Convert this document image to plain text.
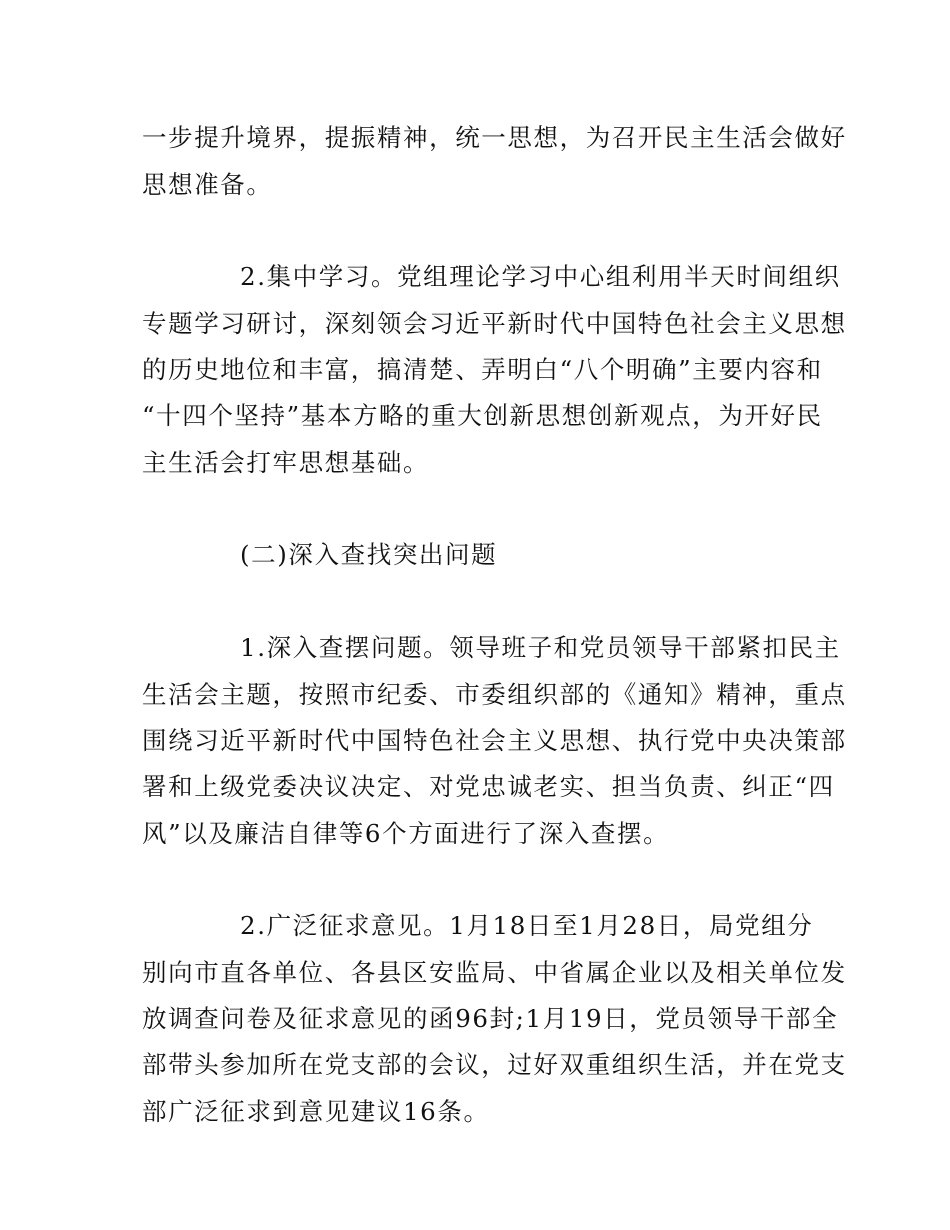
一步提升境界，提振精神，统一思想，为召开民主生活会做好
思想准备。
2.集中学习。党组理论学习中心组利用半天时间组织
专题学习研讨，深刻领会习近平新时代中国特色社会主义思想
的历史地位和丰富，搞清楚、弄明白“八个明确”主要内容和
“十四个坚持”基本方略的重大创新思想创新观点，为开好民
主生活会打牢思想基础。
(二)深入查找突出问题
1.深入查摆问题。领导班子和党员领导干部紧扣民主
生活会主题，按照市纪委、市委组织部的《通知》精神，重点
围绕习近平新时代中国特色社会主义思想、执行党中央决策部
署和上级党委决议决定、对党忠诚老实、担当负责、纠正“四
风”以及廉洁自律等6个方面进行了深入查摆。
2.广泛征求意见。1月18日至1月28日，局党组分
别向市直各单位、各县区安监局、中省属企业以及相关单位发
放调查问卷及征求意见的函96封;1月19日，党员领导干部全
部带头参加所在党支部的会议，过好双重组织生活，并在党支
部广泛征求到意见建议16条。
